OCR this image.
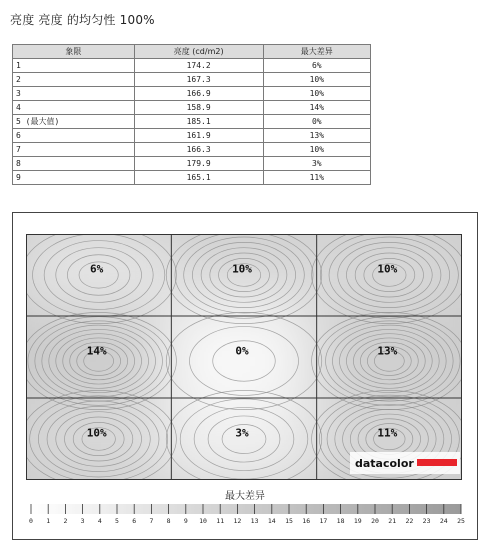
亮度 亮度 的均匀性 100%
象限	亮度 (cd/m2)	最大差异
1	174.2	6%
2	167.3	10%
3	166.9	10%
4	158.9	14%
5 (最大值)	185.1	0%
6	161.9	13%
7	166.3	10%
8	179.9	3%
9	165.1	11%
6%	10%	10%
14%	0%	13%
10%	3%	11%
datacolor
最大差异
0 1 2 3 4 5 6 7 8 9 10 11 12 13 14 15 16 17 18 19 20 21 22 23 24 25
